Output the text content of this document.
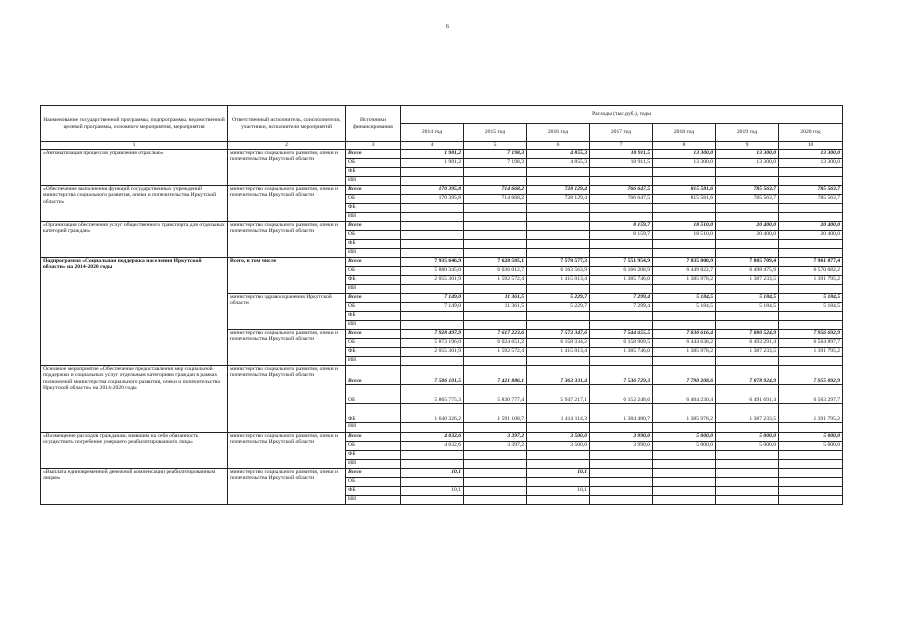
6
Наименование государственной программы, подпрограммы, ведомственной целевой программы, основного мероприятия, мероприятия	Ответственный исполнитель, соисполнители, участники, исполнители мероприятий	Источники финансирования	Расходы (тыс.руб.), годы						
			2014 год	2015 год	2016 год	2017 год	2018 год	2019 год	2020 год
1	2	3	4	5	6	7	8	9	10
«Автоматизация процессов управления отраслью»	министерство социального развития, опеки и попечительства Иркутской области	Всего	1 981,2	7 198,3	4 855,3	10 911,5	13 300,0	13 300,0	13 300,0
		ОБ	1 981,2	7 198,3	4 855,3	10 911,5	13 300,0	13 300,0	13 300,0
		ФБ							
		ИИ							
«Обеспечение выполнения функций государственных учреждений министерства социального развития, опеки и попечительства Иркутской области»	министерство социального развития, опеки и попечительства Иркутской области	Всего	170 395,8	714 668,2	728 129,4	766 647,5	815 581,6	785 563,7	785 563,7
		ОБ	170 395,8	714 668,2	728 129,4	766 647,5	815 581,6	785 563,7	785 563,7
		ФБ							
		ИИ							
«Организация обеспечения услуг общественного транспорта для отдельных категорий граждан»	министерство социального развития, опеки и попечительства Иркутской области	Всего				8 159,7	18 510,0	20 400,0	20 400,0
		ОБ				8 159,7	18 510,0	20 400,0	20 400,0
		ФБ							
		ИИ							
Подпрограмма «Социальная поддержка населения Иркутской области» на 2014-2020 годы	Всего, в том числе	Всего	7 935 646,9	7 628 585,1	7 578 577,3	7 551 954,9	7 835 800,9	7 885 709,4	7 961 877,4
		ОБ	5 880 345,0	6 036 012,7	6 163 563,9	6 166 208,9	6 449 822,7	6 498 475,9	6 570 082,2
		ФБ	2 055 301,9	1 592 572,4	1 415 013,4	1 385 746,0	1 385 978,2	1 387 233,5	1 391 795,2
		ИИ							
	министерство здравоохранения Иркутской области	Всего	7 149,0	11 361,5	5 229,7	7 299,4	5 184,5	5 184,5	5 184,5
		ОБ	7 149,0	11 361,5	5 229,7	7 299,4	5 184,5	5 184,5	5 184,5
		ФБ							
		ИИ							
	министерство социального развития, опеки и попечительства Иркутской области	Всего	7 928 497,9	7 617 223,6	7 573 347,6	7 544 655,5	7 830 616,4	7 880 524,9	7 956 692,9
		ОБ	5 873 196,0	6 024 651,2	6 158 334,2	6 158 909,5	6 444 638,2	6 493 291,4	6 564 897,7
		ФБ	2 055 301,9	1 592 572,4	1 415 013,4	1 385 746,0	1 385 978,2	1 387 233,5	1 391 795,2
		ИИ							
Основное мероприятие «Обеспечение предоставления мер социальной поддержки и социальных услуг отдельным категориям граждан в рамках полномочий министерства социального развития, опеки и попечительства Иркутской области» на 2014-2020 годы	министерство социального развития, опеки и попечительства Иркутской области	Всего	7 506 101,5	7 421 886,1	7 363 331,4	7 536 729,3	7 790 208,6	7 878 924,9	7 955 092,9
		ОБ	5 865 775,3	5 830 777,4	5 947 217,1	6 152 248,6	6 404 230,4	6 491 691,4	6 563 297,7
		ФБ	1 640 326,2	1 591 108,7	1 414 114,3	1 384 480,7	1 385 978,2	1 387 233,5	1 391 795,2
		ИИ							
«Возмещение расходов гражданам, взявшим на себя обязанность осуществить погребение умершего реабилитированного лица»	министерство социального развития, опеки и попечительства Иркутской области	Всего	4 032,6	3 397,2	3 500,0	3 990,0	5 000,0	5 000,0	5 000,0
		ОБ	4 032,6	3 397,2	3 500,0	3 990,0	5 000,0	5 000,0	5 000,0
		ФБ							
		ИИ							
«Выплата единовременной денежной компенсации реабилитированным лицам»	министерство социального развития, опеки и попечительства Иркутской области	Всего	10,1		10,1				
		ОБ							
		ФБ	10,1		10,1				
		ИИ							
